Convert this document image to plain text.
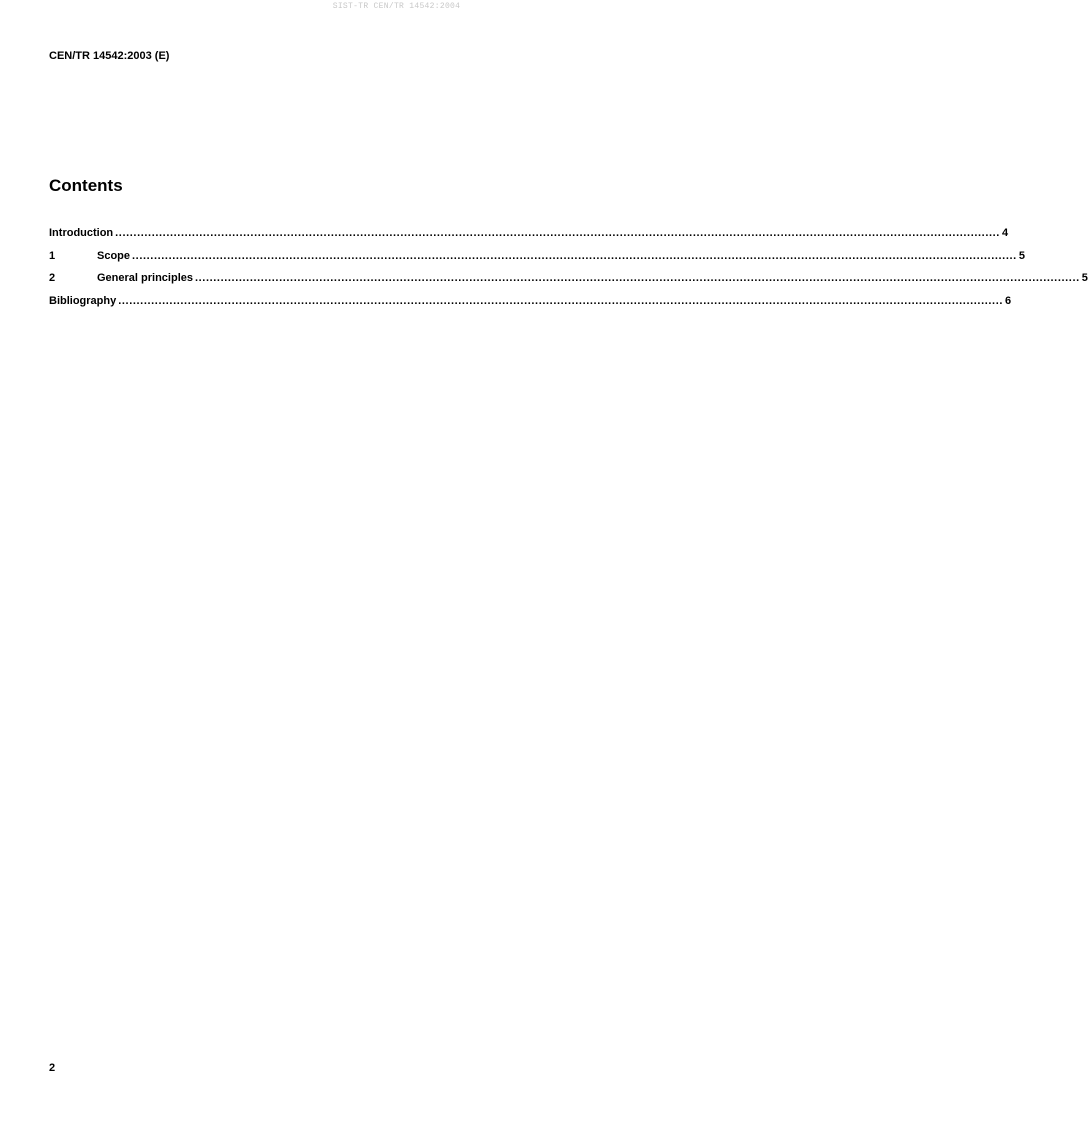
SIST-TR CEN/TR 14542:2004
CEN/TR 14542:2003 (E)
Contents
Introduction .................................................................................................................................................................................................................................................. 4
1	Scope .................................................................................................................................................................................................................................................. 5
2	General principles .................................................................................................................................................................................................................................................. 5
Bibliography .................................................................................................................................................................................................................................................. 6
2
